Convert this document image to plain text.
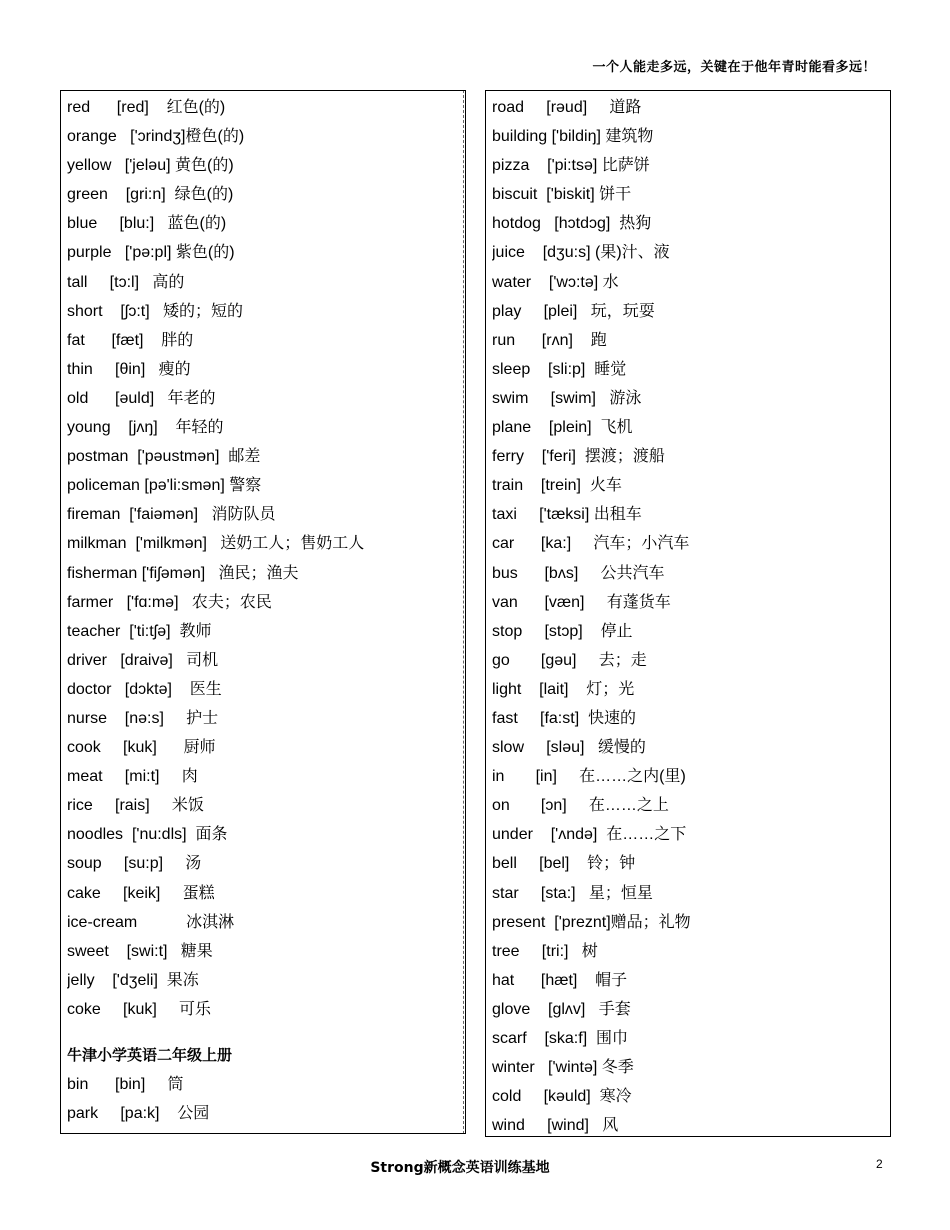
一个人能走多远，关键在于他年青时能看多远！
red      [red]    红色(的)
orange   ['ɔrindʒ]橙色(的)
yellow   ['jeləu] 黄色(的)
green    [gri:n]  绿色(的)
blue     [blu:]   蓝色(的)
purple   ['pə:pl] 紫色(的)
tall     [tɔ:l]   高的
short    [ʃɔ:t]   矮的；短的
fat      [fæt]    胖的
thin     [θin]   瘦的
old      [əuld]   年老的
young    [jʌŋ]    年轻的
postman  ['pəustmən]  邮差
policeman [pə'li:smən] 警察
fireman  ['faiəmən]   消防队员
milkman  ['milkmən]   送奶工人；售奶工人
fisherman ['fiʃəmən]   渔民；渔夫
farmer   ['fɑ:mə]   农夫；农民
teacher  ['ti:tʃə]  教师
driver   [draivə]   司机
doctor   [dɔktə]    医生
nurse    [nə:s]     护士
cook     [kuk]      厨师
meat     [mi:t]     肉
rice     [rais]     米饭
noodles  ['nu:dls]  面条
soup     [su:p]     汤
cake     [keik]     蛋糕
ice-cream           冰淇淋
sweet    [swi:t]   糖果
jelly    ['dʒeli]  果冻
coke     [kuk]     可乐
牛津小学英语二年级上册
bin      [bin]     筒
park     [pa:k]    公园
road     [rəud]     道路
building ['bildiŋ] 建筑物
pizza    ['pi:tsə] 比萨饼
biscuit  ['biskit] 饼干
hotdog   [hɔtdɔg]  热狗
juice    [dʒu:s] (果)汁、液
water    ['wɔ:tə] 水
play     [plei]   玩，玩耍
run      [rʌn]    跑
sleep    [sli:p]  睡觉
swim     [swim]   游泳
plane    [plein]  飞机
ferry    ['feri]  摆渡；渡船
train    [trein]  火车
taxi     ['tæksi] 出租车
car      [ka:]     汽车；小汽车
bus      [bʌs]     公共汽车
van      [væn]     有蓬货车
stop     [stɔp]    停止
go       [gəu]     去；走
light    [lait]    灯；光
fast     [fa:st]  快速的
slow     [sləu]   缓慢的
in       [in]     在……之内(里)
on       [ɔn]     在……之上
under    ['ʌndə]  在……之下
bell     [bel]    铃；钟
star     [sta:]   星；恒星
present  ['preznt]赠品；礼物
tree     [tri:]   树
hat      [hæt]    帽子
glove    [glʌv]   手套
scarf    [ska:f]  围巾
winter   ['wintə] 冬季
cold     [kəuld]  寒冷
wind     [wind]   风
Strong新概念英语训练基地	2
